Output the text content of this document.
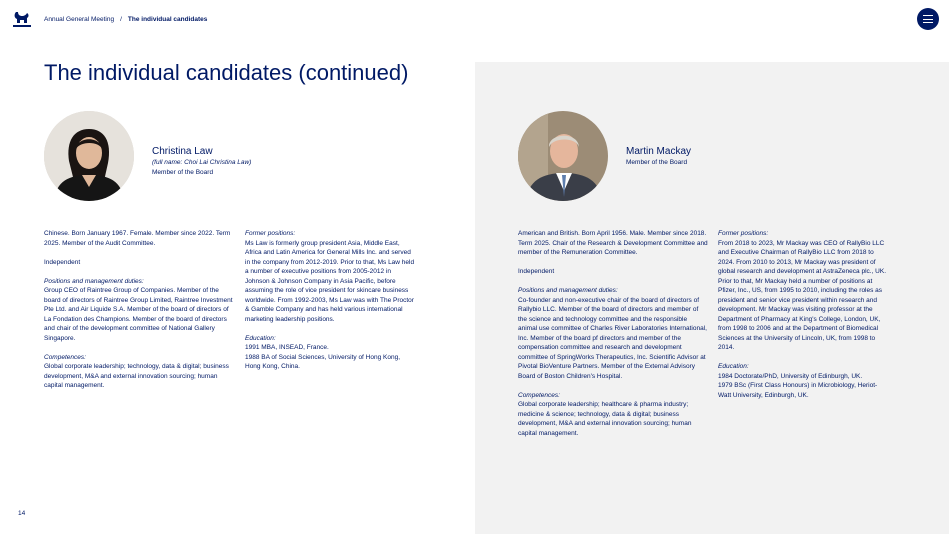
Annual General Meeting / The individual candidates
The individual candidates (continued)
Christina Law
(full name: Choi Lai Christina Law)
Member of the Board

Chinese. Born January 1967. Female. Member since 2022. Term 2025. Member of the Audit Committee.

Independent

Positions and management duties:
Group CEO of Raintree Group of Companies. Member of the board of directors of Raintree Group Limited, Raintree Investment Pte Ltd. and Air Liquide S.A. Member of the board of directors of La Fondation des Champions. Member of the board of directors and chair of the development committee of National Gallery Singapore.

Competences:
Global corporate leadership; technology, data & digital; business development, M&A and external innovation sourcing; human capital management.

Former positions:
Ms Law is formerly group president Asia, Middle East, Africa and Latin America for General Mills Inc. and served in the company from 2012-2019. Prior to that, Ms Law held a number of executive positions from 2005-2012 in Johnson & Johnson Company in Asia Pacific, before assuming the role of vice president for skincare business worldwide. From 1992-2003, Ms Law was with The Proctor & Gamble Company and has held various international marketing leadership positions.

Education:
1991 MBA, INSEAD, France.
1988 BA of Social Sciences, University of Hong Kong, Hong Kong, China.

Martin Mackay
Member of the Board

American and British. Born April 1956. Male. Member since 2018. Term 2025. Chair of the Research & Development Committee and member of the Remuneration Committee.

Independent

Positions and management duties:
Co-founder and non-executive chair of the board of directors of Rallybio LLC. Member of the board of directors and member of the science and technology committee and the responsible animal use committee of Charles River Laboratories International, Inc. Member of the board pf directors and member of the compensation committee and research and development committee of SpringWorks Therapeutics, Inc. Scientific Advisor at Pivotal BioVenture Partners. Member of the External Advisory Board of Boston Children's Hospital.

Competences:
Global corporate leadership; healthcare & pharma industry; medicine & science; technology, data & digital; business development, M&A and external innovation sourcing; human capital management.

Former positions:
From 2018 to 2023, Mr Mackay was CEO of RallyBio LLC and Executive Chairman of RallyBio LLC from 2018 to 2024. From 2010 to 2013, Mr Mackay was president of global research and development at AstraZeneca plc., UK. Prior to that, Mr Mackay held a number of positions at Pfizer, Inc., US, from 1995 to 2010, including the roles as president and senior vice president within research and development. Mr Mackay was visiting professor at the Department of Pharmacy at King's College, London, UK, from 1998 to 2006 and at the Department of Biomedical Sciences at the University of Lincoln, UK, from 1998 to 2014.

Education:
1984 Doctorate/PhD, University of Edinburgh, UK.
1979 BSc (First Class Honours) in Microbiology, Heriot-Watt University, Edinburgh, UK.

14
